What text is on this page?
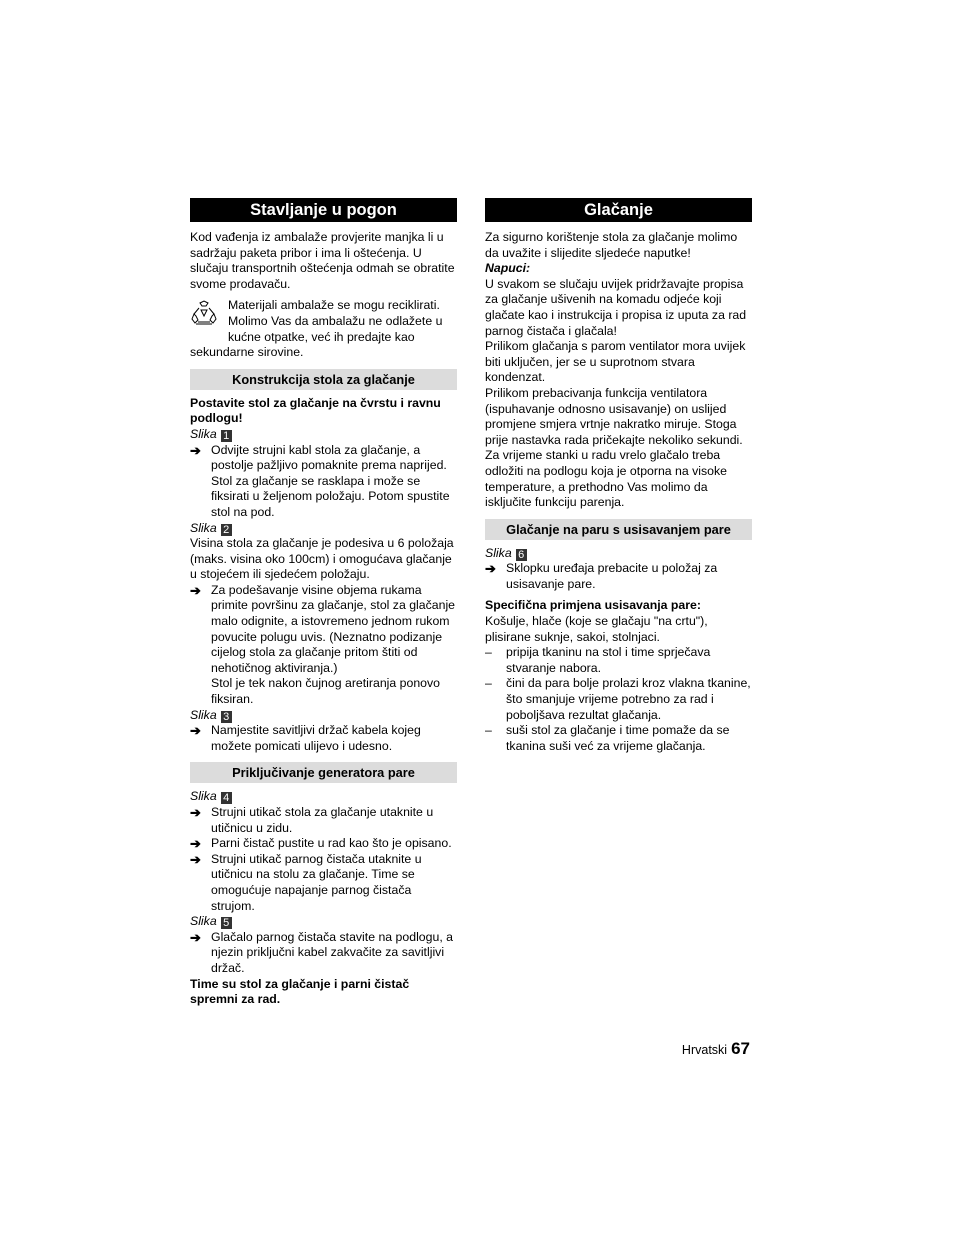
Stavljanje u pogon

Kod vađenja iz ambalaže provjerite manjka li u sadržaju paketa pribor i ima li oštećenja. U slučaju transportnih oštećenja odmah se obratite svome prodavaču.

Materijali ambalaže se mogu reciklirati. Molimo Vas da ambalažu ne odlažete u kućne otpatke, već ih predajte kao

sekundarne sirovine.

Konstrukcija stola za glačanje

Postavite stol za glačanje na čvrstu i ravnu podlogu!

Slika 1

➔ Odvijte strujni kabl stola za glačanje, a postolje pažljivo pomaknite prema naprijed. Stol za glačanje se rasklapa i može se fiksirati u željenom položaju. Potom spustite stol na pod.

Slika 2

Visina stola za glačanje je podesiva u 6 položaja (maks. visina oko 100cm) i omogućava glačanje u stojećem ili sjedećem položaju.

➔ Za podešavanje visine objema rukama primite površinu za glačanje, stol za glačanje malo odignite, a istovremeno jednom rukom povucite polugu uvis. (Neznatno podizanje cijelog stola za glačanje pritom štiti od nehotičnog aktiviranja.)
Stol je tek nakon čujnog aretiranja ponovo fiksiran.

Slika 3

➔ Namjestite savitljivi držač kabela kojeg možete pomicati ulijevo i udesno.
Priključivanje generatora pare

Slika 4

➔ Strujni utikač stola za glačanje utaknite u utičnicu u zidu.
➔ Parni čistač pustite u rad kao što je opisano.
➔ Strujni utikač parnog čistača utaknite u utičnicu na stolu za glačanje. Time se omogućuje napajanje parnog čistača strujom.

Slika 5

➔ Glačalo parnog čistača stavite na podlogu, a njezin priključni kabel zakvačite za savitljivi držač.

Time su stol za glačanje i parni čistač spremni za rad.

Glačanje

Za sigurno korištenje stola za glačanje molimo da uvažite i slijedite sljedeće naputke!

Napuci:

U svakom se slučaju uvijek pridržavajte propisa za glačanje ušivenih na komadu odjeće koji glačate kao i instrukcija i propisa iz uputa za rad parnog čistača i glačala!

Prilikom glačanja s parom ventilator mora uvijek biti uključen, jer se u suprotnom stvara kondenzat.

Prilikom prebacivanja funkcija ventilatora (ispuhavanje odnosno usisavanje) on uslijed promjene smjera vrtnje nakratko miruje. Stoga prije nastavka rada pričekajte nekoliko sekundi.

Za vrijeme stanki u radu vrelo glačalo treba odložiti na podlogu koja je otporna na visoke temperature, a prethodno Vas molimo da isključite funkciju parenja.

Glačanje na paru s usisavanjem pare

Slika 6

➔ Sklopku uređaja prebacite u položaj za usisavanje pare.

Specifična primjena usisavanja pare:

Košulje, hlače (koje se glačaju "na crtu"), plisirane suknje, sakoi, stolnjaci.

–	pripija tkaninu na stol i time sprječava stvaranje nabora.
–	čini da para bolje prolazi kroz vlakna tkanine, što smanjuje vrijeme potrebno za rad i poboljšava rezultat glačanja.
–	suši stol za glačanje i time pomaže da se tkanina suši već za vrijeme glačanja.
Hrvatski 67
